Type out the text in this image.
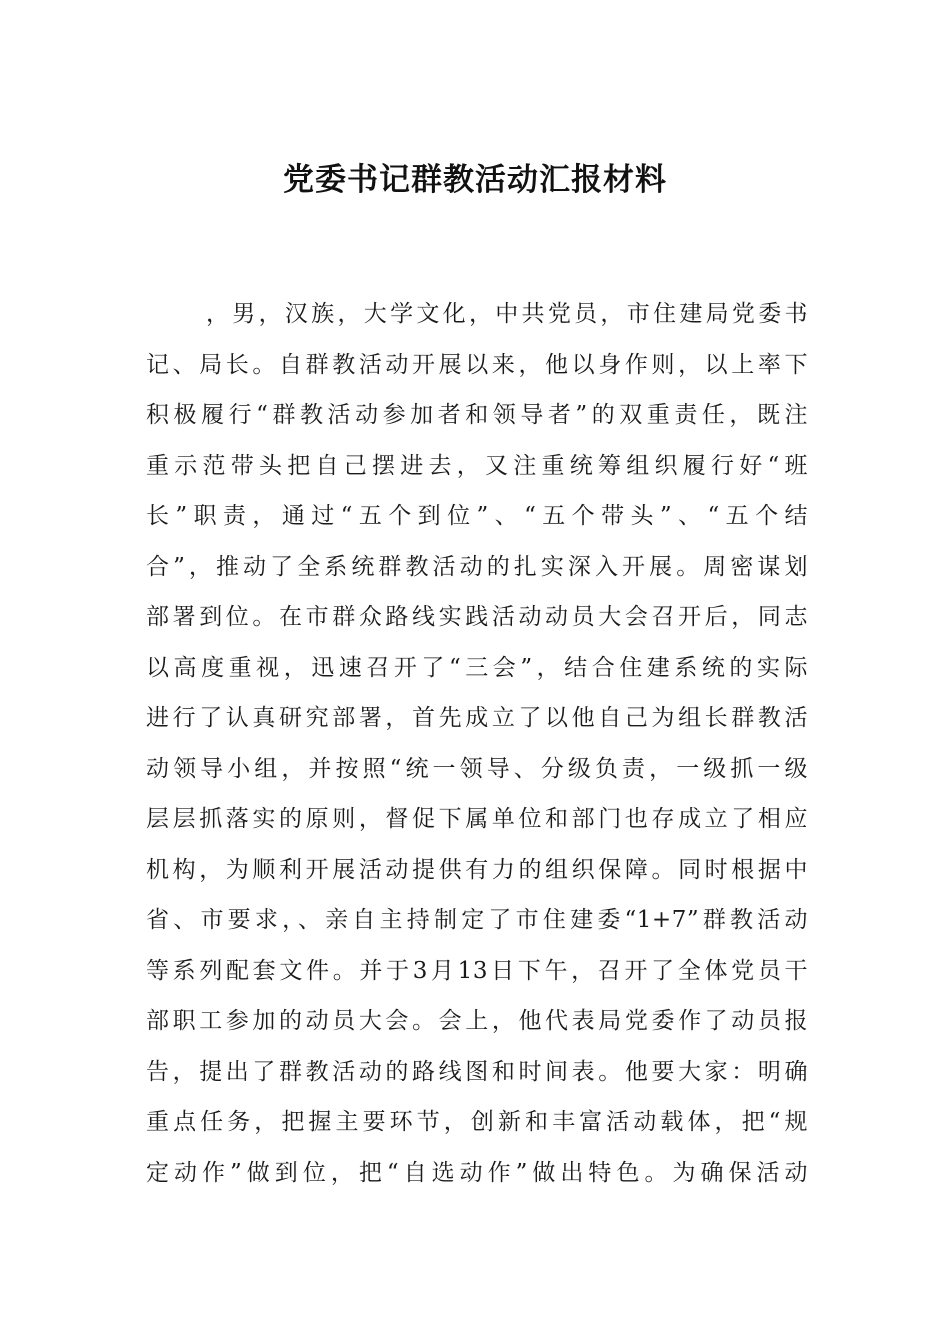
党委书记群教活动汇报材料

，男，汉族，大学文化，中共党员，市住建局党委书

记、局长。自群教活动开展以来，他以身作则，以上率下

积极履行“群教活动参加者和领导者”的双重责任，既注

重示范带头把自己摆进去，又注重统筹组织履行好“班

长”职责，通过“五个到位”、“五个带头”、“五个结

合”，推动了全系统群教活动的扎实深入开展。周密谋划

部署到位。在市群众路线实践活动动员大会召开后，同志

以高度重视，迅速召开了“三会”，结合住建系统的实际

进行了认真研究部署，首先成立了以他自己为组长群教活

动领导小组，并按照“统一领导、分级负责，一级抓一级

层层抓落实的原则，督促下属单位和部门也存成立了相应

机构，为顺利开展活动提供有力的组织保障。同时根据中

省、市要求，、亲自主持制定了市住建委“1+7”群教活动

等系列配套文件。并于3月13日下午，召开了全体党员干

部职工参加的动员大会。会上，他代表局党委作了动员报

告，提出了群教活动的路线图和时间表。他要大家：明确

重点任务，把握主要环节，创新和丰富活动载体，把“规

定动作”做到位，把“自选动作”做出特色。为确保活动
